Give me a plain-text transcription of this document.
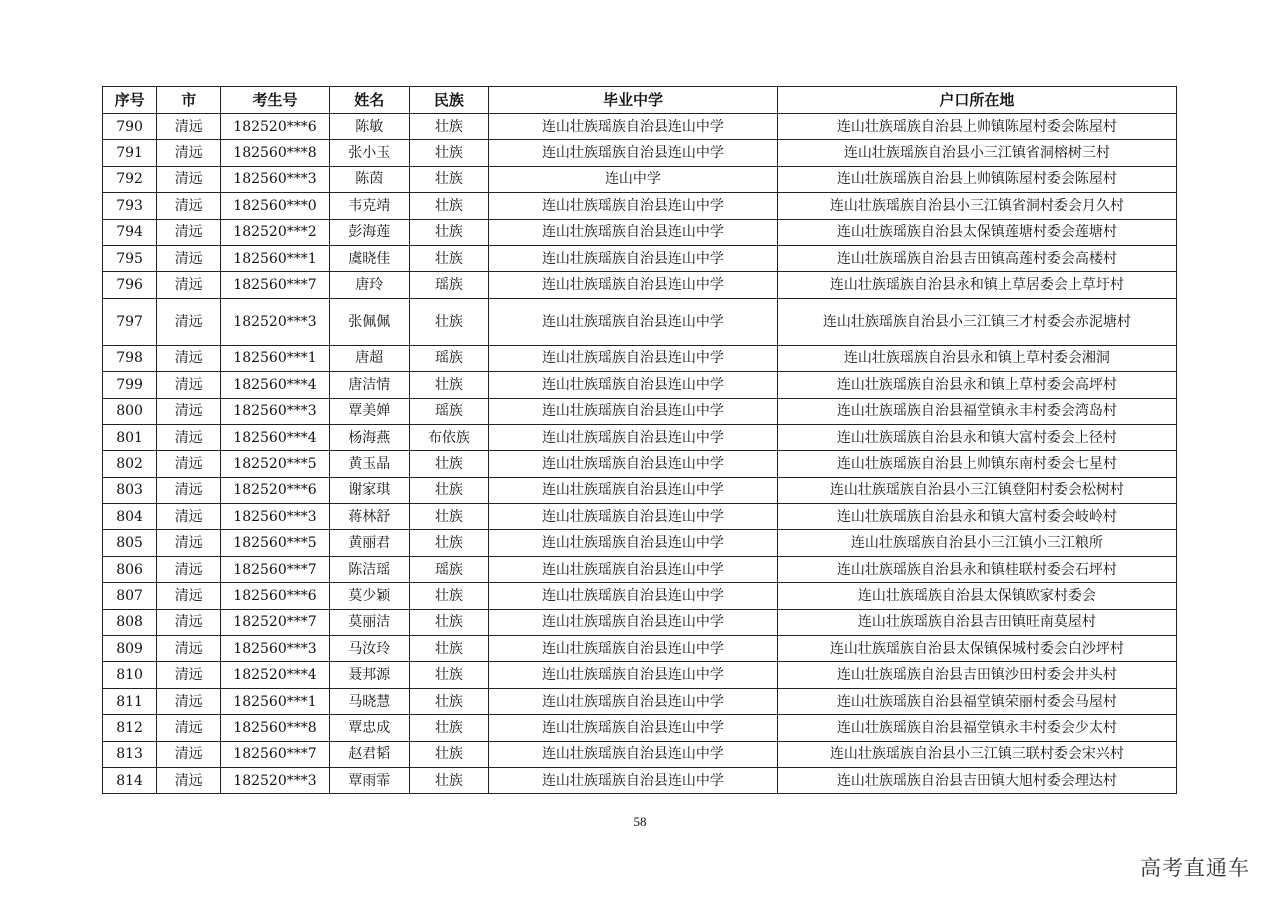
序号	市	考生号	姓名	民族	毕业中学	户口所在地
790	清远	182520***6	陈敏	壮族	连山壮族瑶族自治县连山中学	连山壮族瑶族自治县上帅镇陈屋村委会陈屋村
791	清远	182560***8	张小玉	壮族	连山壮族瑶族自治县连山中学	连山壮族瑶族自治县小三江镇省洞榕树三村
792	清远	182560***3	陈茵	壮族	连山中学	连山壮族瑶族自治县上帅镇陈屋村委会陈屋村
793	清远	182560***0	韦克靖	壮族	连山壮族瑶族自治县连山中学	连山壮族瑶族自治县小三江镇省洞村委会月久村
794	清远	182520***2	彭海莲	壮族	连山壮族瑶族自治县连山中学	连山壮族瑶族自治县太保镇莲塘村委会莲塘村
795	清远	182560***1	虞晓佳	壮族	连山壮族瑶族自治县连山中学	连山壮族瑶族自治县吉田镇高莲村委会高楼村
796	清远	182560***7	唐玲	瑶族	连山壮族瑶族自治县连山中学	连山壮族瑶族自治县永和镇上草居委会上草圩村
797	清远	182520***3	张佩佩	壮族	连山壮族瑶族自治县连山中学	连山壮族瑶族自治县小三江镇三才村委会赤泥塘村
798	清远	182560***1	唐超	瑶族	连山壮族瑶族自治县连山中学	连山壮族瑶族自治县永和镇上草村委会湘洞
799	清远	182560***4	唐洁情	壮族	连山壮族瑶族自治县连山中学	连山壮族瑶族自治县永和镇上草村委会高坪村
800	清远	182560***3	覃美婵	瑶族	连山壮族瑶族自治县连山中学	连山壮族瑶族自治县福堂镇永丰村委会湾岛村
801	清远	182560***4	杨海燕	布依族	连山壮族瑶族自治县连山中学	连山壮族瑶族自治县永和镇大富村委会上径村
802	清远	182520***5	黄玉晶	壮族	连山壮族瑶族自治县连山中学	连山壮族瑶族自治县上帅镇东南村委会七星村
803	清远	182520***6	谢家琪	壮族	连山壮族瑶族自治县连山中学	连山壮族瑶族自治县小三江镇登阳村委会松树村
804	清远	182560***3	蒋林舒	壮族	连山壮族瑶族自治县连山中学	连山壮族瑶族自治县永和镇大富村委会岐岭村
805	清远	182560***5	黄丽君	壮族	连山壮族瑶族自治县连山中学	连山壮族瑶族自治县小三江镇小三江粮所
806	清远	182560***7	陈洁瑶	瑶族	连山壮族瑶族自治县连山中学	连山壮族瑶族自治县永和镇桂联村委会石坪村
807	清远	182560***6	莫少颖	壮族	连山壮族瑶族自治县连山中学	连山壮族瑶族自治县太保镇欧家村委会
808	清远	182520***7	莫丽洁	壮族	连山壮族瑶族自治县连山中学	连山壮族瑶族自治县吉田镇旺南莫屋村
809	清远	182560***3	马汝玲	壮族	连山壮族瑶族自治县连山中学	连山壮族瑶族自治县太保镇保城村委会白沙坪村
810	清远	182520***4	聂邦源	壮族	连山壮族瑶族自治县连山中学	连山壮族瑶族自治县吉田镇沙田村委会井头村
811	清远	182560***1	马晓慧	壮族	连山壮族瑶族自治县连山中学	连山壮族瑶族自治县福堂镇荣丽村委会马屋村
812	清远	182560***8	覃忠成	壮族	连山壮族瑶族自治县连山中学	连山壮族瑶族自治县福堂镇永丰村委会少太村
813	清远	182560***7	赵君韬	壮族	连山壮族瑶族自治县连山中学	连山壮族瑶族自治县小三江镇三联村委会宋兴村
814	清远	182520***3	覃雨霏	壮族	连山壮族瑶族自治县连山中学	连山壮族瑶族自治县吉田镇大旭村委会理达村
58
高考直通车
